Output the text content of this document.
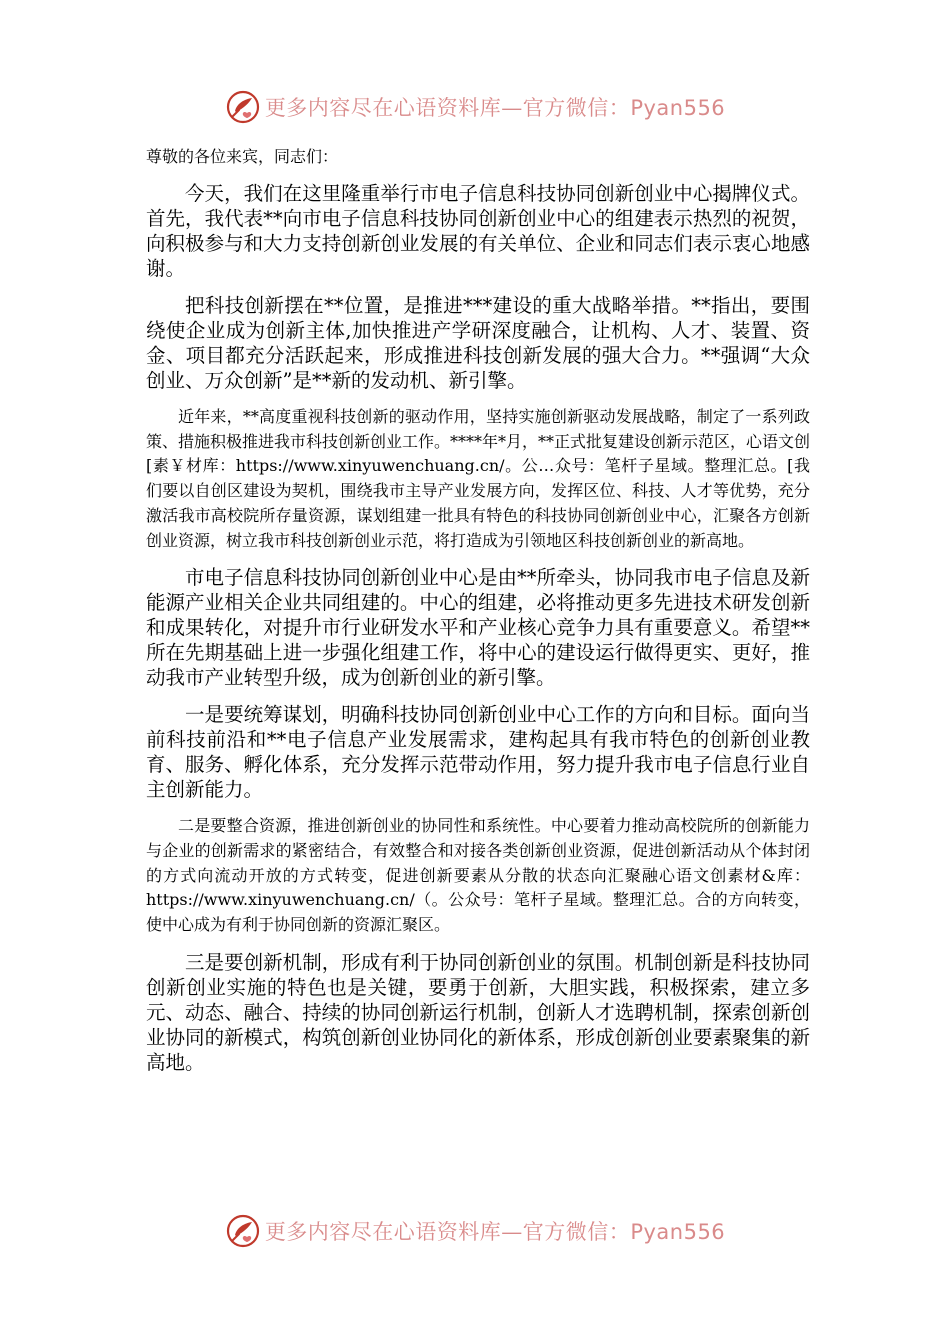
更多内容尽在心语资料库—官方微信：Pyan556
尊敬的各位来宾，同志们：

今天，我们在这里隆重举行市电子信息科技协同创新创业中心揭牌仪式。首先，我代表**向市电子信息科技协同创新创业中心的组建表示热烈的祝贺，向积极参与和大力支持创新创业发展的有关单位、企业和同志们表示衷心地感谢。

把科技创新摆在**位置，是推进***建设的重大战略举措。**指出，要围绕使企业成为创新主体,加快推进产学研深度融合，让机构、人才、装置、资金、项目都充分活跃起来，形成推进科技创新发展的强大合力。**强调“大众创业、万众创新”是**新的发动机、新引擎。

近年来，**高度重视科技创新的驱动作用，坚持实施创新驱动发展战略，制定了一系列政策、措施积极推进我市科技创新创业工作。****年*月，**正式批复建设创新示范区，心语文创[素￥材库：https://www.xinyuwenchuang.cn/。公…众号：笔杆子星域。整理汇总。[我们要以自创区建设为契机，围绕我市主导产业发展方向，发挥区位、科技、人才等优势，充分激活我市高校院所存量资源，谋划组建一批具有特色的科技协同创新创业中心，汇聚各方创新创业资源，树立我市科技创新创业示范，将打造成为引领地区科技创新创业的新高地。

市电子信息科技协同创新创业中心是由**所牵头，协同我市电子信息及新能源产业相关企业共同组建的。中心的组建，必将推动更多先进技术研发创新和成果转化，对提升市行业研发水平和产业核心竞争力具有重要意义。希望**所在先期基础上进一步强化组建工作，将中心的建设运行做得更实、更好，推动我市产业转型升级，成为创新创业的新引擎。

一是要统筹谋划，明确科技协同创新创业中心工作的方向和目标。面向当前科技前沿和**电子信息产业发展需求，建构起具有我市特色的创新创业教育、服务、孵化体系，充分发挥示范带动作用，努力提升我市电子信息行业自主创新能力。

二是要整合资源，推进创新创业的协同性和系统性。中心要着力推动高校院所的创新能力与企业的创新需求的紧密结合，有效整合和对接各类创新创业资源，促进创新活动从个体封闭的方式向流动开放的方式转变，促进创新要素从分散的状态向汇聚融心语文创素材&库：https://www.xinyuwenchuang.cn/（。公众号：笔杆子星域。整理汇总。合的方向转变，使中心成为有利于协同创新的资源汇聚区。

三是要创新机制，形成有利于协同创新创业的氛围。机制创新是科技协同创新创业实施的特色也是关键，要勇于创新，大胆实践，积极探索，建立多元、动态、融合、持续的协同创新运行机制，创新人才选聘机制，探索创新创业协同的新模式，构筑创新创业协同化的新体系，形成创新创业要素聚集的新高地。

更多内容尽在心语资料库—官方微信：Pyan556
